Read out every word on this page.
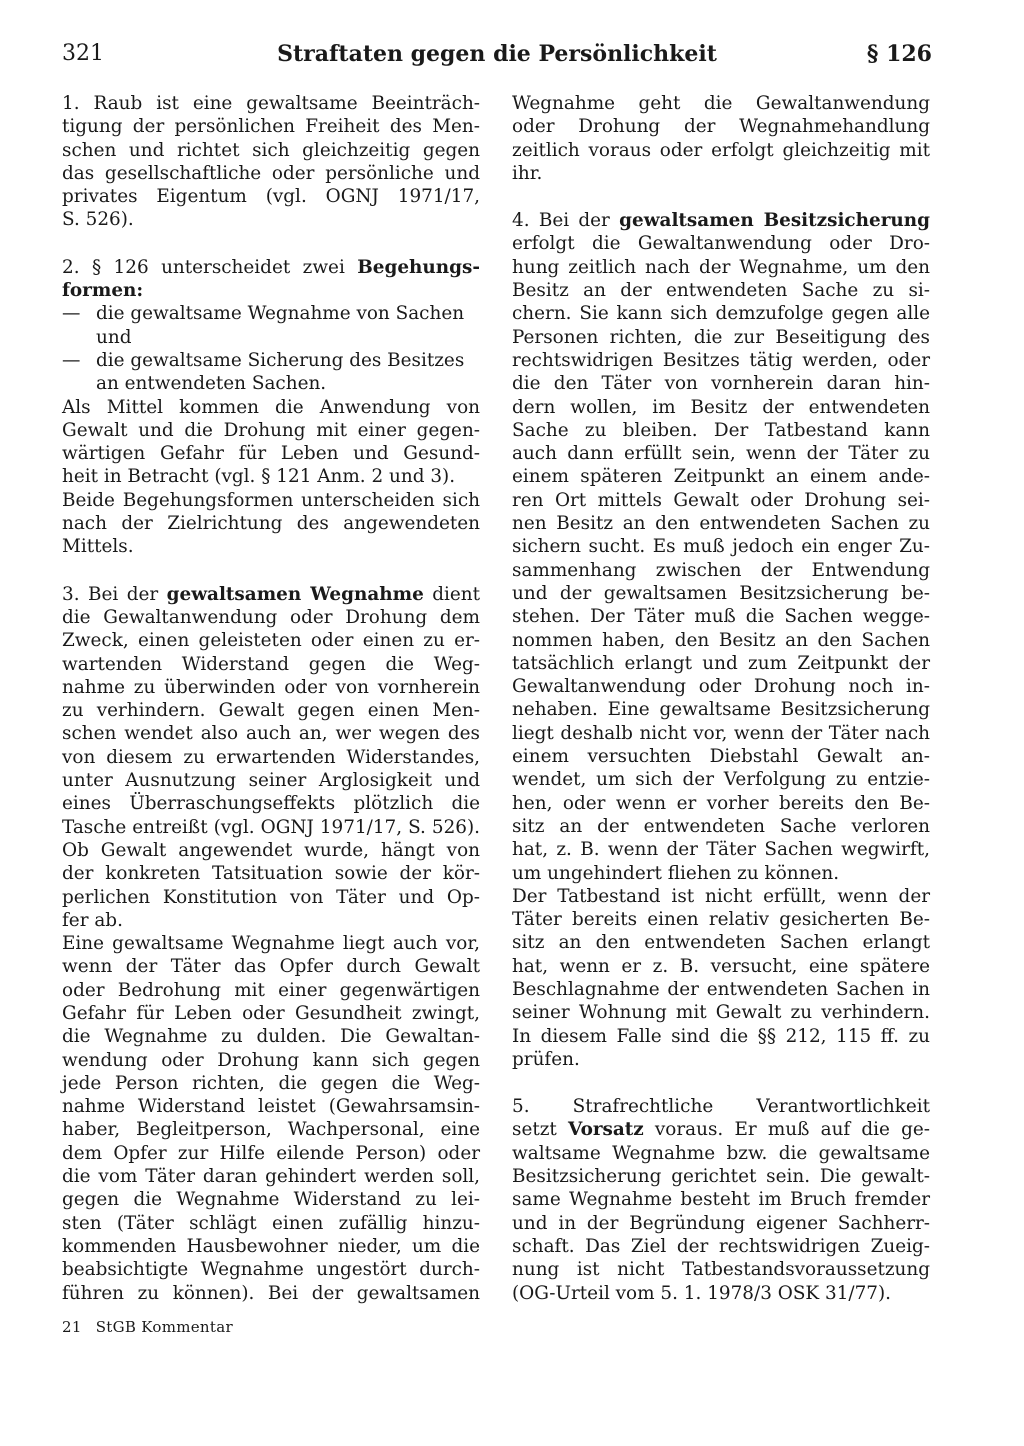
321	Straftaten gegen die Persönlichkeit	§ 126
1. Raub ist eine gewaltsame Beeinträch-
tigung der persönlichen Freiheit des Men-
schen und richtet sich gleichzeitig gegen
das gesellschaftliche oder persönliche und
privates Eigentum (vgl. OGNJ 1971/17,
S. 526).
2. § 126 unterscheidet zwei Begehungs-
formen:
— die gewaltsame Wegnahme von Sachen
und
— die gewaltsame Sicherung des Besitzes
an entwendeten Sachen.
Als Mittel kommen die Anwendung von
Gewalt und die Drohung mit einer gegen-
wärtigen Gefahr für Leben und Gesund-
heit in Betracht (vgl. § 121 Anm. 2 und 3).
Beide Begehungsformen unterscheiden sich
nach der Zielrichtung des angewendeten
Mittels.
3. Bei der gewaltsamen Wegnahme dient
die Gewaltanwendung oder Drohung dem
Zweck, einen geleisteten oder einen zu er-
wartenden Widerstand gegen die Weg-
nahme zu überwinden oder von vornherein
zu verhindern. Gewalt gegen einen Men-
schen wendet also auch an, wer wegen des
von diesem zu erwartenden Widerstandes,
unter Ausnutzung seiner Arglosigkeit und
eines Überraschungseffekts plötzlich die
Tasche entreißt (vgl. OGNJ 1971/17, S. 526).
Ob Gewalt angewendet wurde, hängt von
der konkreten Tatsituation sowie der kör-
perlichen Konstitution von Täter und Op-
fer ab.
Eine gewaltsame Wegnahme liegt auch vor,
wenn der Täter das Opfer durch Gewalt
oder Bedrohung mit einer gegenwärtigen
Gefahr für Leben oder Gesundheit zwingt,
die Wegnahme zu dulden. Die Gewaltan-
wendung oder Drohung kann sich gegen
jede Person richten, die gegen die Weg-
nahme Widerstand leistet (Gewahrsamsin-
haber, Begleitperson, Wachpersonal, eine
dem Opfer zur Hilfe eilende Person) oder
die vom Täter daran gehindert werden soll,
gegen die Wegnahme Widerstand zu lei-
sten (Täter schlägt einen zufällig hinzu-
kommenden Hausbewohner nieder, um die
beabsichtigte Wegnahme ungestört durch-
führen zu können). Bei der gewaltsamen
Wegnahme geht die Gewaltanwendung
oder Drohung der Wegnahmehandlung
zeitlich voraus oder erfolgt gleichzeitig mit
ihr.
4. Bei der gewaltsamen Besitzsicherung
erfolgt die Gewaltanwendung oder Dro-
hung zeitlich nach der Wegnahme, um den
Besitz an der entwendeten Sache zu si-
chern. Sie kann sich demzufolge gegen alle
Personen richten, die zur Beseitigung des
rechtswidrigen Besitzes tätig werden, oder
die den Täter von vornherein daran hin-
dern wollen, im Besitz der entwendeten
Sache zu bleiben. Der Tatbestand kann
auch dann erfüllt sein, wenn der Täter zu
einem späteren Zeitpunkt an einem ande-
ren Ort mittels Gewalt oder Drohung sei-
nen Besitz an den entwendeten Sachen zu
sichern sucht. Es muß jedoch ein enger Zu-
sammenhang zwischen der Entwendung
und der gewaltsamen Besitzsicherung be-
stehen. Der Täter muß die Sachen wegge-
nommen haben, den Besitz an den Sachen
tatsächlich erlangt und zum Zeitpunkt der
Gewaltanwendung oder Drohung noch in-
nehaben. Eine gewaltsame Besitzsicherung
liegt deshalb nicht vor, wenn der Täter nach
einem versuchten Diebstahl Gewalt an-
wendet, um sich der Verfolgung zu entzie-
hen, oder wenn er vorher bereits den Be-
sitz an der entwendeten Sache verloren
hat, z. B. wenn der Täter Sachen wegwirft,
um ungehindert fliehen zu können.
Der Tatbestand ist nicht erfüllt, wenn der
Täter bereits einen relativ gesicherten Be-
sitz an den entwendeten Sachen erlangt
hat, wenn er z. B. versucht, eine spätere
Beschlagnahme der entwendeten Sachen in
seiner Wohnung mit Gewalt zu verhindern.
In diesem Falle sind die §§ 212, 115 ff. zu
prüfen.
5. Strafrechtliche Verantwortlichkeit
setzt Vorsatz voraus. Er muß auf die ge-
waltsame Wegnahme bzw. die gewaltsame
Besitzsicherung gerichtet sein. Die gewalt-
same Wegnahme besteht im Bruch fremder
und in der Begründung eigener Sachherr-
schaft. Das Ziel der rechtswidrigen Zueig-
nung ist nicht Tatbestandsvoraussetzung
(OG-Urteil vom 5. 1. 1978/3 OSK 31/77).
21 StGB Kommentar
